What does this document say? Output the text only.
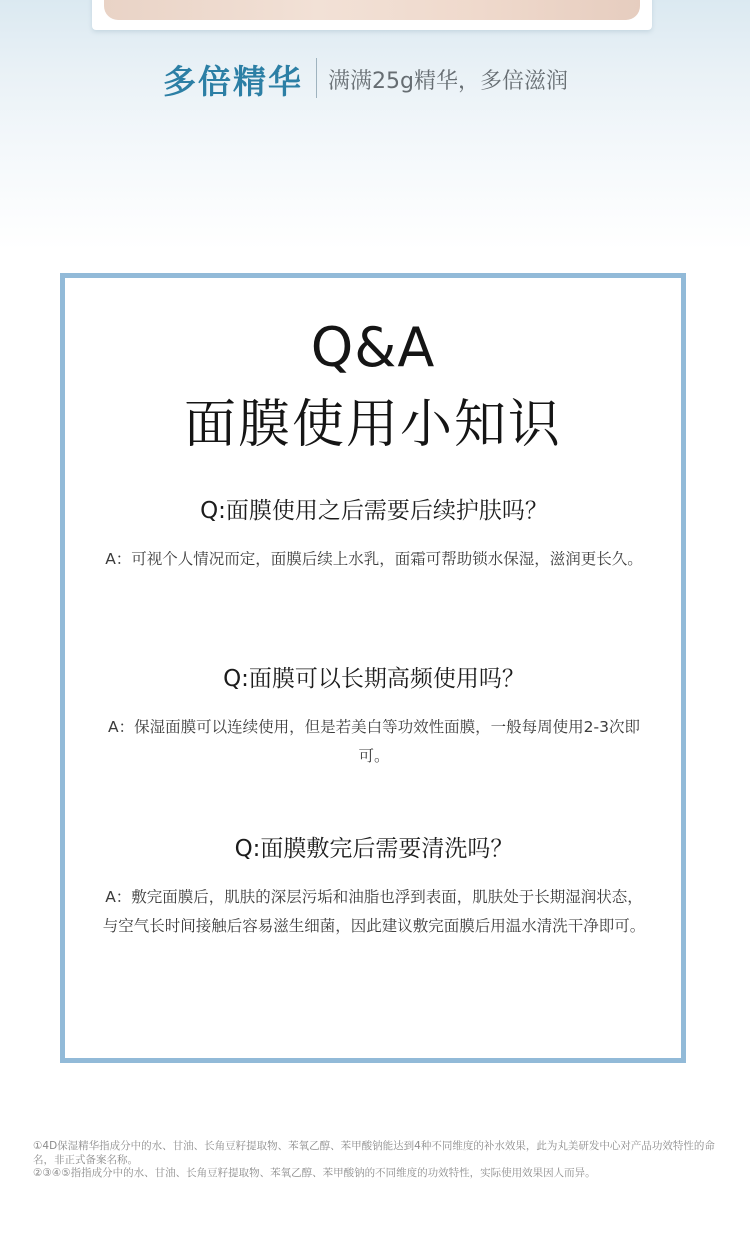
多倍精华 满满25g精华，多倍滋润
Q&A
面膜使用小知识
Q:面膜使用之后需要后续护肤吗？
A：可视个人情况而定，面膜后续上水乳，面霜可帮助锁水保湿，滋润更长久。
Q:面膜可以长期高频使用吗？
A：保湿面膜可以连续使用，但是若美白等功效性面膜，一般每周使用2-3次即可。
Q:面膜敷完后需要清洗吗？
A：敷完面膜后，肌肤的深层污垢和油脂也浮到表面，肌肤处于长期湿润状态，与空气长时间接触后容易滋生细菌，因此建议敷完面膜后用温水清洗干净即可。

①4D保湿精华指成分中的水、甘油、长角豆籽提取物、苯氧乙醇、苯甲酸钠能达到4种不同维度的补水效果，此为丸美研发中心对产品功效特性的命名，非正式备案名称。

②③④⑤指指成分中的水、甘油、长角豆籽提取物、苯氧乙醇、苯甲酸钠的不同维度的功效特性，实际使用效果因人而异。
